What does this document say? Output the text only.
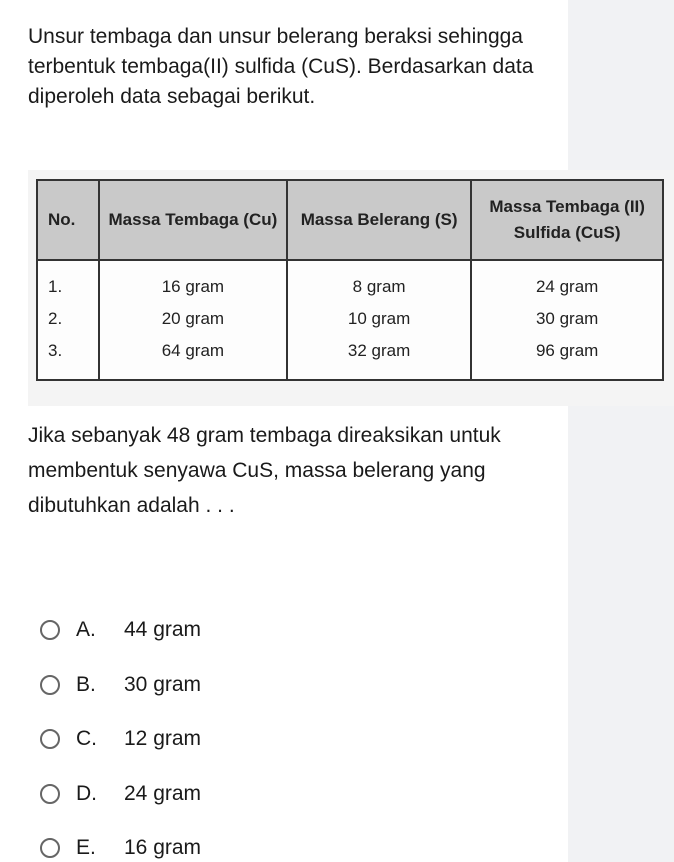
Unsur tembaga dan unsur belerang beraksi sehingga terbentuk tembaga(II) sulfida (CuS). Berdasarkan data diperoleh data sebagai berikut.
No.	Massa Tembaga (Cu)	Massa Belerang (S)	Massa Tembaga (II) Sulfida (CuS)
1.	16 gram	8 gram	24 gram
2.	20 gram	10 gram	30 gram
3.	64 gram	32 gram	96 gram
Jika sebanyak 48 gram tembaga direaksikan untuk membentuk senyawa CuS, massa belerang yang dibutuhkan adalah . . .
A.	44 gram
B.	30 gram
C.	12 gram
D.	24 gram
E.	16 gram
